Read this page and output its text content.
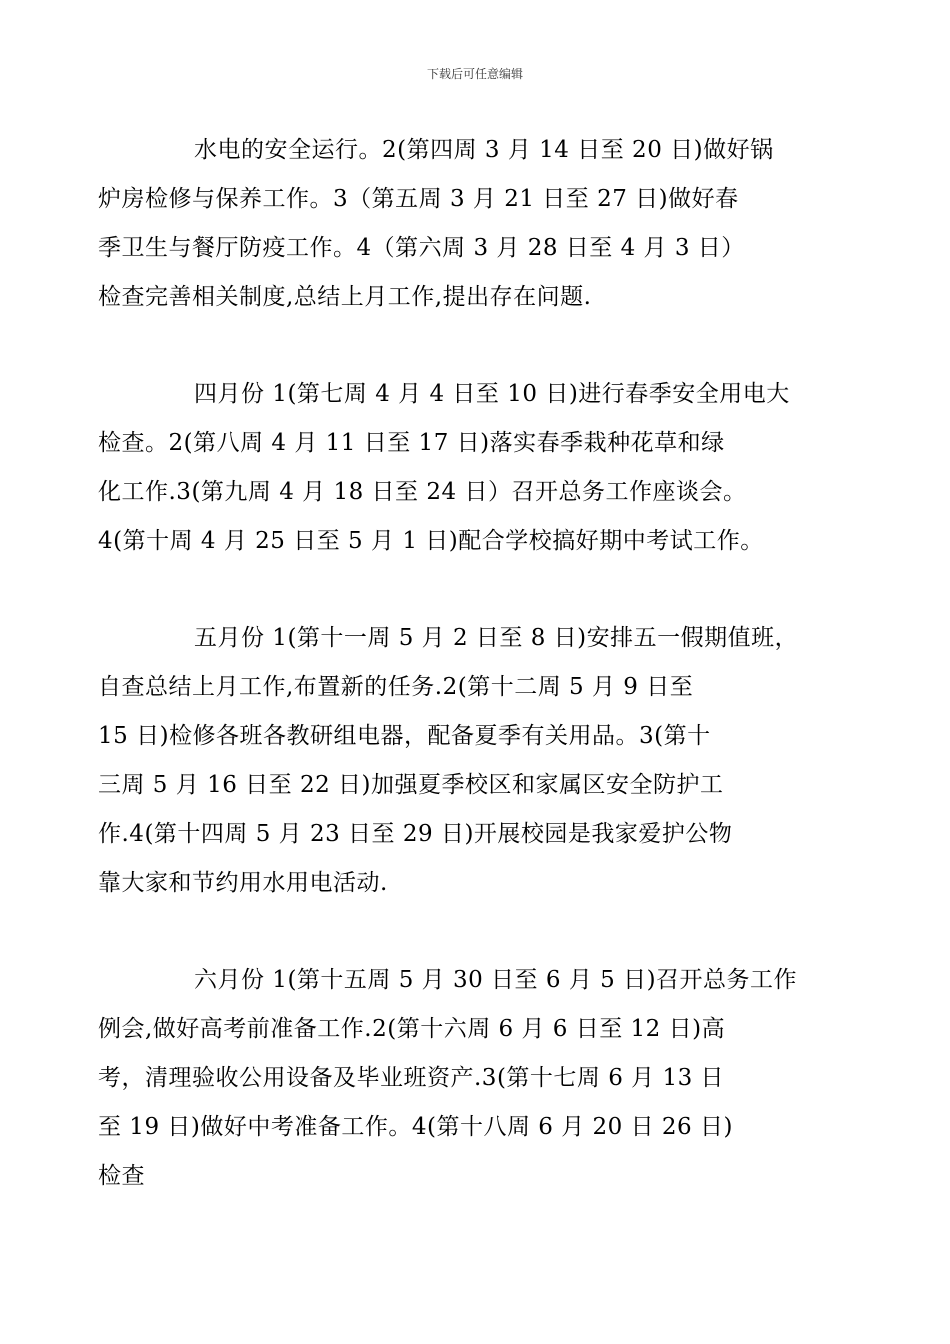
下载后可任意编辑

水电的安全运行。2(第四周 3 月 14 日至 20 日)做好锅
炉房检修与保养工作。3（第五周 3 月 21 日至 27 日)做好春
季卫生与餐厅防疫工作。4（第六周 3 月 28 日至 4 月 3 日）
检查完善相关制度,总结上月工作,提出存在问题.

四月份 1(第七周 4 月 4 日至 10 日)进行春季安全用电大
检查。2(第八周 4 月 11 日至 17 日)落实春季栽种花草和绿
化工作.3(第九周 4 月 18 日至 24 日）召开总务工作座谈会。
4(第十周 4 月 25 日至 5 月 1 日)配合学校搞好期中考试工作。

五月份 1(第十一周 5 月 2 日至 8 日)安排五一假期值班，
自查总结上月工作,布置新的任务.2(第十二周 5 月 9 日至
15 日)检修各班各教研组电器，配备夏季有关用品。3(第十
三周 5 月 16 日至 22 日)加强夏季校区和家属区安全防护工
作.4(第十四周 5 月 23 日至 29 日)开展校园是我家爱护公物
靠大家和节约用水用电活动.

六月份 1(第十五周 5 月 30 日至 6 月 5 日)召开总务工作
例会,做好高考前准备工作.2(第十六周 6 月 6 日至 12 日)高
考，清理验收公用设备及毕业班资产.3(第十七周 6 月 13 日
至 19 日)做好中考准备工作。4(第十八周 6 月 20 日 26 日)
检查
